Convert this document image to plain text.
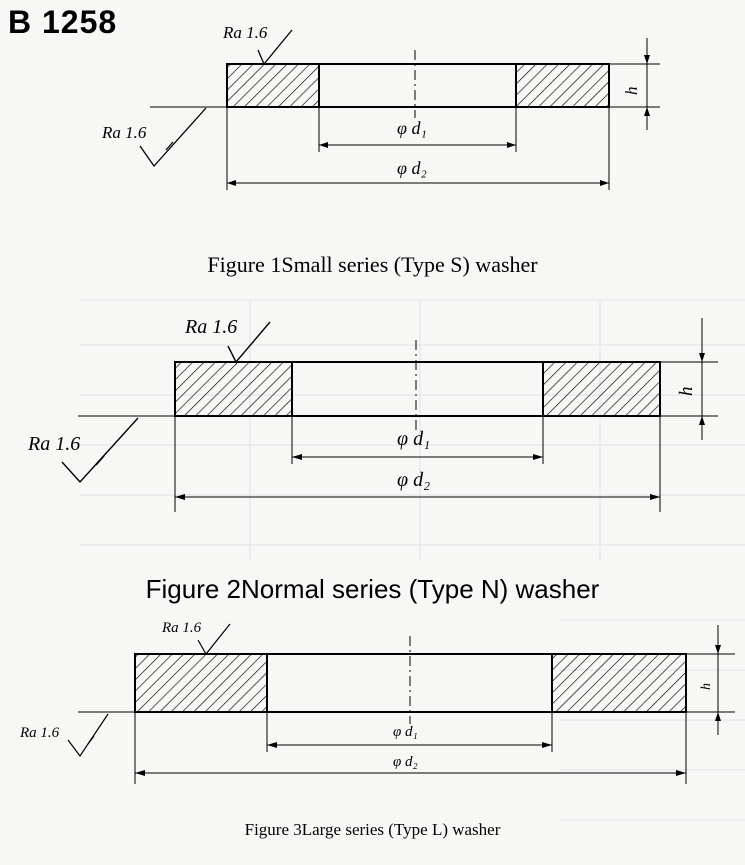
B 1258	Ra 1.6
Ra 1.6	φ d₁
φ d₂
h
Ra 1.6
Ra 1.6	φ d₁
φ d₂
h
Ra 1.6
Ra 1.6	φ d₁
φ d₂
h
Figure 1Small series (Type S) washer
Figure 2Normal series (Type N) washer
Figure 3Large series (Type L) washer
